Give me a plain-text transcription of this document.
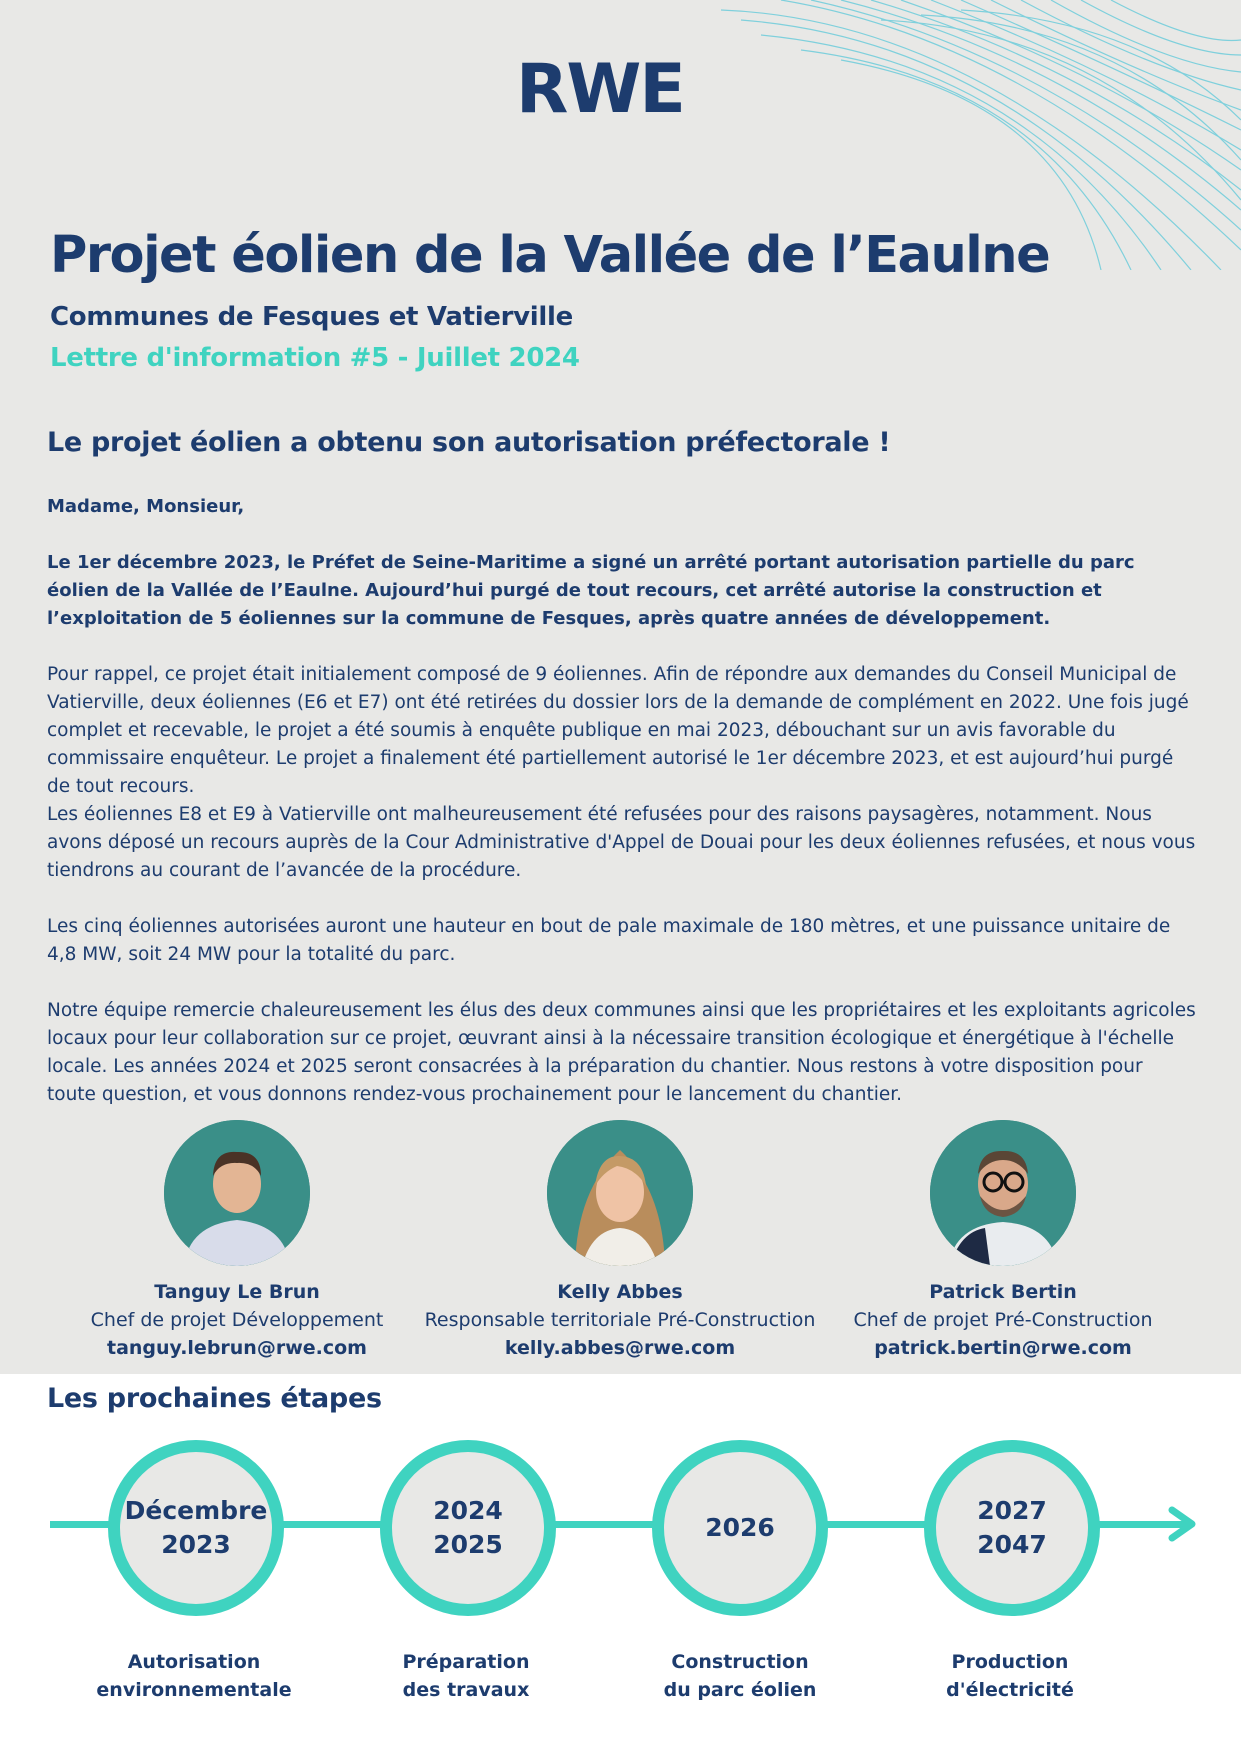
RWE
Projet éolien de la Vallée de l’Eaulne
Communes de Fesques et Vatierville
Lettre d'information #5 - Juillet 2024
Le projet éolien a obtenu son autorisation préfectorale !

Madame, Monsieur,

Le 1er décembre 2023, le Préfet de Seine-Maritime a signé un arrêté portant autorisation partielle du parc éolien de la Vallée de l’Eaulne. Aujourd’hui purgé de tout recours, cet arrêté autorise la construction et l’exploitation de 5 éoliennes sur la commune de Fesques, après quatre années de développement.

Pour rappel, ce projet était initialement composé de 9 éoliennes. Afin de répondre aux demandes du Conseil Municipal de Vatierville, deux éoliennes (E6 et E7) ont été retirées du dossier lors de la demande de complément en 2022. Une fois jugé complet et recevable, le projet a été soumis à enquête publique en mai 2023, débouchant sur un avis favorable du commissaire enquêteur. Le projet a finalement été partiellement autorisé le 1er décembre 2023, et est aujourd’hui purgé de tout recours.

Les éoliennes E8 et E9 à Vatierville ont malheureusement été refusées pour des raisons paysagères, notamment. Nous avons déposé un recours auprès de la Cour Administrative d'Appel de Douai pour les deux éoliennes refusées, et nous vous tiendrons au courant de l’avancée de la procédure.

Les cinq éoliennes autorisées auront une hauteur en bout de pale maximale de 180 mètres, et une puissance unitaire de 4,8 MW, soit 24 MW pour la totalité du parc.

Notre équipe remercie chaleureusement les élus des deux communes ainsi que les propriétaires et les exploitants agricoles locaux pour leur collaboration sur ce projet, œuvrant ainsi à la nécessaire transition écologique et énergétique à l'échelle locale. Les années 2024 et 2025 seront consacrées à la préparation du chantier. Nous restons à votre disposition pour toute question, et vous donnons rendez-vous prochainement pour le lancement du chantier.

Tanguy Le Brun
Chef de projet Développement
tanguy.lebrun@rwe.com
Kelly Abbes
Responsable territoriale Pré-Construction
kelly.abbes@rwe.com
Patrick Bertin
Chef de projet Pré-Construction
patrick.bertin@rwe.com
Les prochaines étapes
Décembre
2023
2024
2025
2026
2027
2047
Autorisation
environnementale
Préparation
des travaux
Construction
du parc éolien
Production
d'électricité
